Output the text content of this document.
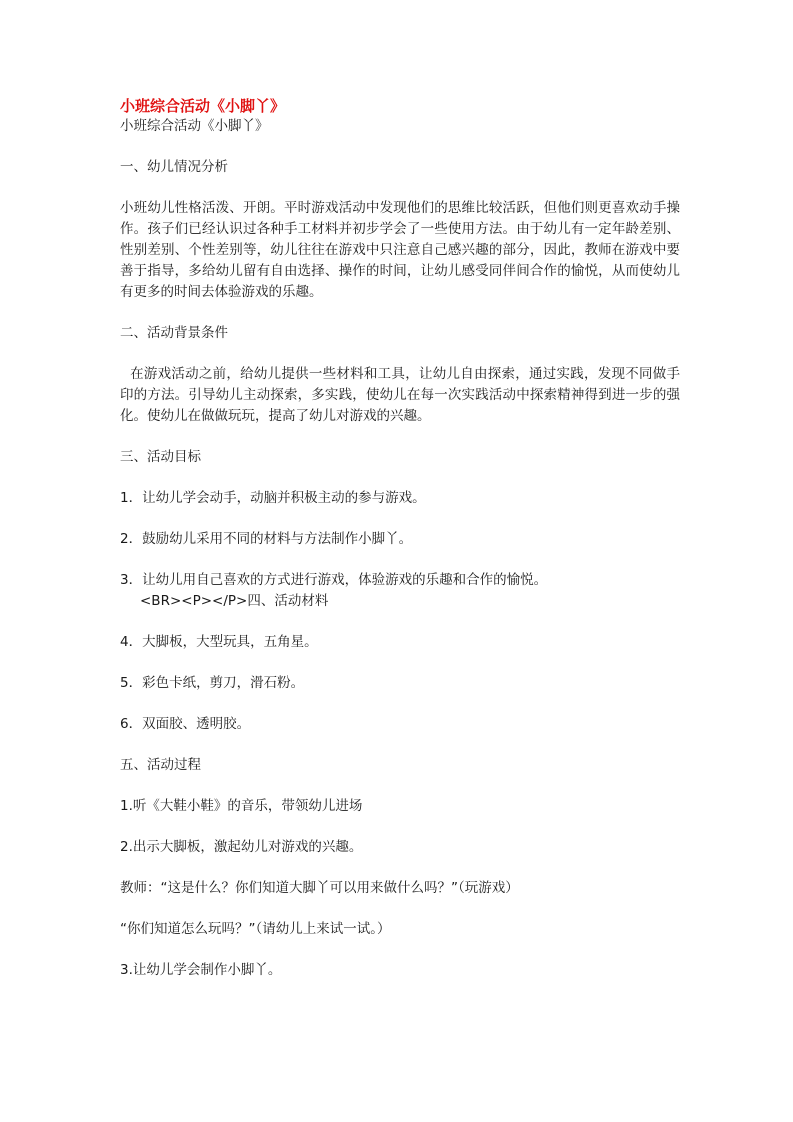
小班综合活动《小脚丫》

小班综合活动《小脚丫》

一、幼儿情况分析

小班幼儿性格活泼、开朗。平时游戏活动中发现他们的思维比较活跃，但他们则更喜欢动手操作。孩子们已经认识过各种手工材料并初步学会了一些使用方法。由于幼儿有一定年龄差别、性别差别、个性差别等，幼儿往往在游戏中只注意自己感兴趣的部分，因此，教师在游戏中要善于指导，多给幼儿留有自由选择、操作的时间，让幼儿感受同伴间合作的愉悦，从而使幼儿有更多的时间去体验游戏的乐趣。

二、活动背景条件

在游戏活动之前，给幼儿提供一些材料和工具，让幼儿自由探索，通过实践，发现不同做手印的方法。引导幼儿主动探索，多实践，使幼儿在每一次实践活动中探索精神得到进一步的强化。使幼儿在做做玩玩，提高了幼儿对游戏的兴趣。

三、活动目标

1．让幼儿学会动手，动脑并积极主动的参与游戏。

2．鼓励幼儿采用不同的材料与方法制作小脚丫。

3．让幼儿用自己喜欢的方式进行游戏，体验游戏的乐趣和合作的愉悦。
<BR><P></P>四、活动材料

4．大脚板，大型玩具，五角星。

5．彩色卡纸，剪刀，滑石粉。

6．双面胶、透明胶。

五、活动过程

1.听《大鞋小鞋》的音乐，带领幼儿进场

2.出示大脚板，激起幼儿对游戏的兴趣。

教师：“这是什么？你们知道大脚丫可以用来做什么吗？”（玩游戏）

“你们知道怎么玩吗？”（请幼儿上来试一试。）

3.让幼儿学会制作小脚丫。
